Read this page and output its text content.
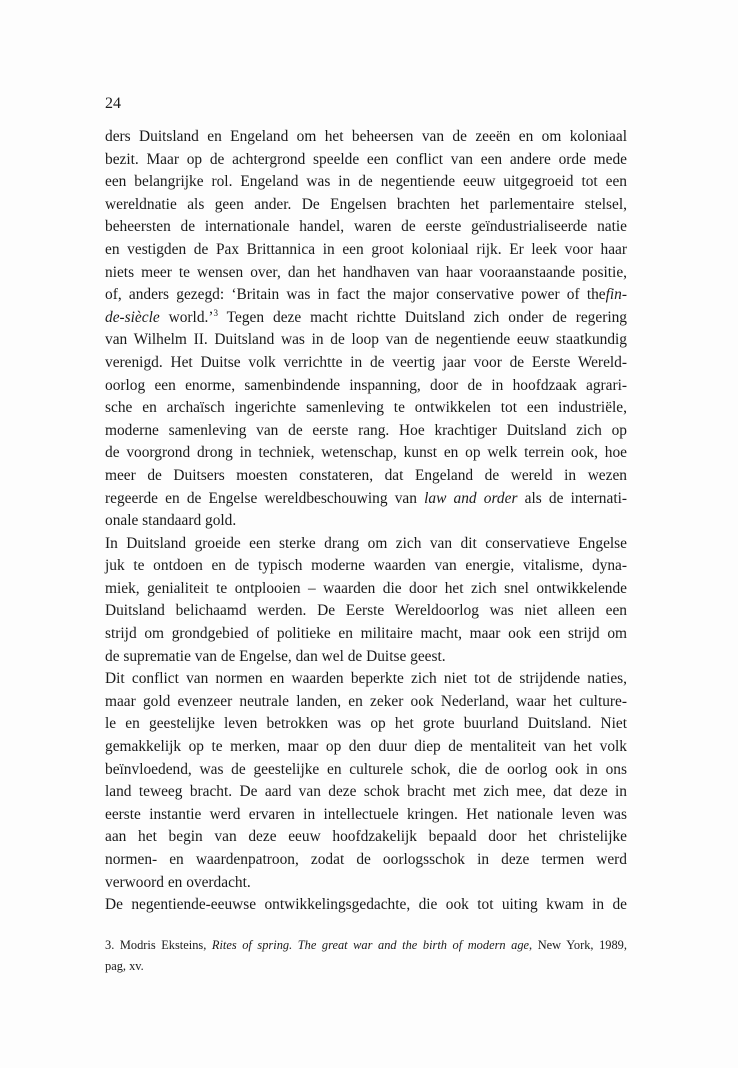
24
ders Duitsland en Engeland om het beheersen van de zeeën en om koloniaal
bezit. Maar op de achtergrond speelde een conflict van een andere orde mede
een belangrijke rol. Engeland was in de negentiende eeuw uitgegroeid tot een
wereldnatie als geen ander. De Engelsen brachten het parlementaire stelsel,
beheersten de internationale handel, waren de eerste geïndustrialiseerde natie
en vestigden de Pax Brittannica in een groot koloniaal rijk. Er leek voor haar
niets meer te wensen over, dan het handhaven van haar vooraanstaande positie,
of, anders gezegd: ‘Britain was in fact the major conservative power of thefin-
de-siècle world.’$^3$ Tegen deze macht richtte Duitsland zich onder de regering
van Wilhelm II. Duitsland was in de loop van de negentiende eeuw staatkundig
verenigd. Het Duitse volk verrichtte in de veertig jaar voor de Eerste Wereld-
oorlog een enorme, samenbindende inspanning, door de in hoofdzaak agrari-
sche en archaïsch ingerichte samenleving te ontwikkelen tot een industriële,
moderne samenleving van de eerste rang. Hoe krachtiger Duitsland zich op
de voorgrond drong in techniek, wetenschap, kunst en op welk terrein ook, hoe
meer de Duitsers moesten constateren, dat Engeland de wereld in wezen
regeerde en de Engelse wereldbeschouwing van law and order als de internati-
onale standaard gold.
In Duitsland groeide een sterke drang om zich van dit conservatieve Engelse
juk te ontdoen en de typisch moderne waarden van energie, vitalisme, dyna-
miek, genialiteit te ontplooien – waarden die door het zich snel ontwikkelende
Duitsland belichaamd werden. De Eerste Wereldoorlog was niet alleen een
strijd om grondgebied of politieke en militaire macht, maar ook een strijd om
de suprematie van de Engelse, dan wel de Duitse geest.
Dit conflict van normen en waarden beperkte zich niet tot de strijdende naties,
maar gold evenzeer neutrale landen, en zeker ook Nederland, waar het culture-
le en geestelijke leven betrokken was op het grote buurland Duitsland. Niet
gemakkelijk op te merken, maar op den duur diep de mentaliteit van het volk
beïnvloedend, was de geestelijke en culturele schok, die de oorlog ook in ons
land teweeg bracht. De aard van deze schok bracht met zich mee, dat deze in
eerste instantie werd ervaren in intellectuele kringen. Het nationale leven was
aan het begin van deze eeuw hoofdzakelijk bepaald door het christelijke
normen- en waardenpatroon, zodat de oorlogsschok in deze termen werd
verwoord en overdacht.
De negentiende-eeuwse ontwikkelingsgedachte, die ook tot uiting kwam in de
3. Modris Eksteins, Rites of spring. The great war and the birth of modern age, New York, 1989,
pag, xv.
